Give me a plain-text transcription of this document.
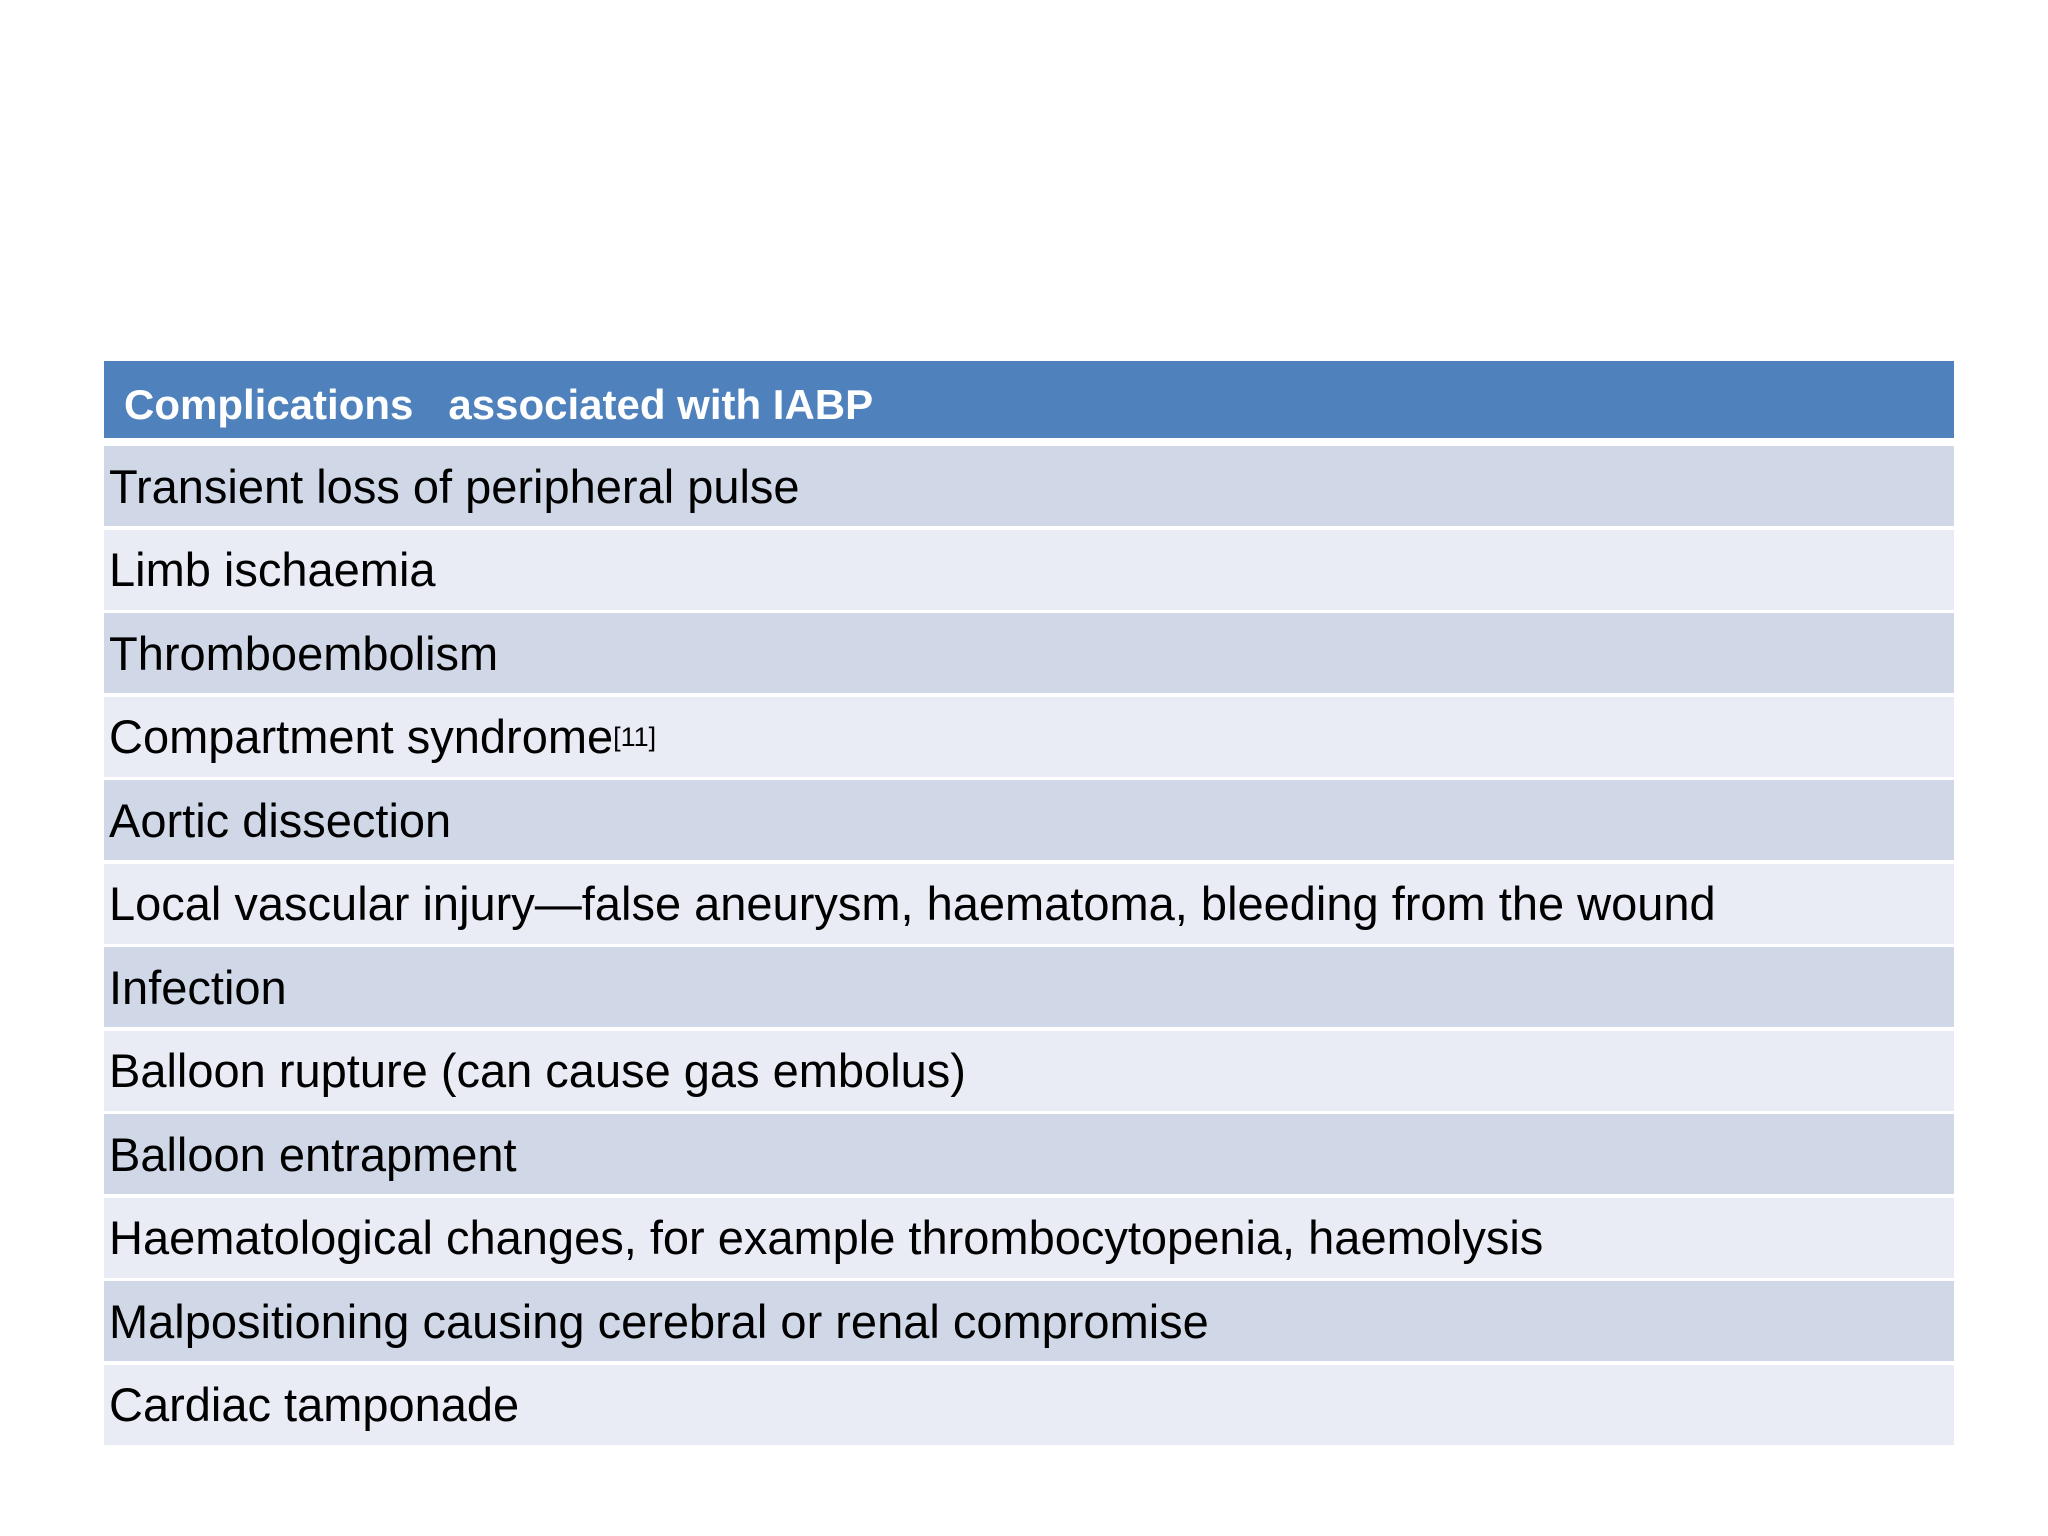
Complications   associated with IABP
Transient loss of peripheral pulse
Limb ischaemia
Thromboembolism
Compartment syndrome [11]
Aortic dissection
Local vascular injury—false aneurysm, haematoma, bleeding from the wound
Infection
Balloon rupture (can cause gas embolus)
Balloon entrapment
Haematological changes, for example thrombocytopenia, haemolysis
Malpositioning causing cerebral or renal compromise
Cardiac tamponade
